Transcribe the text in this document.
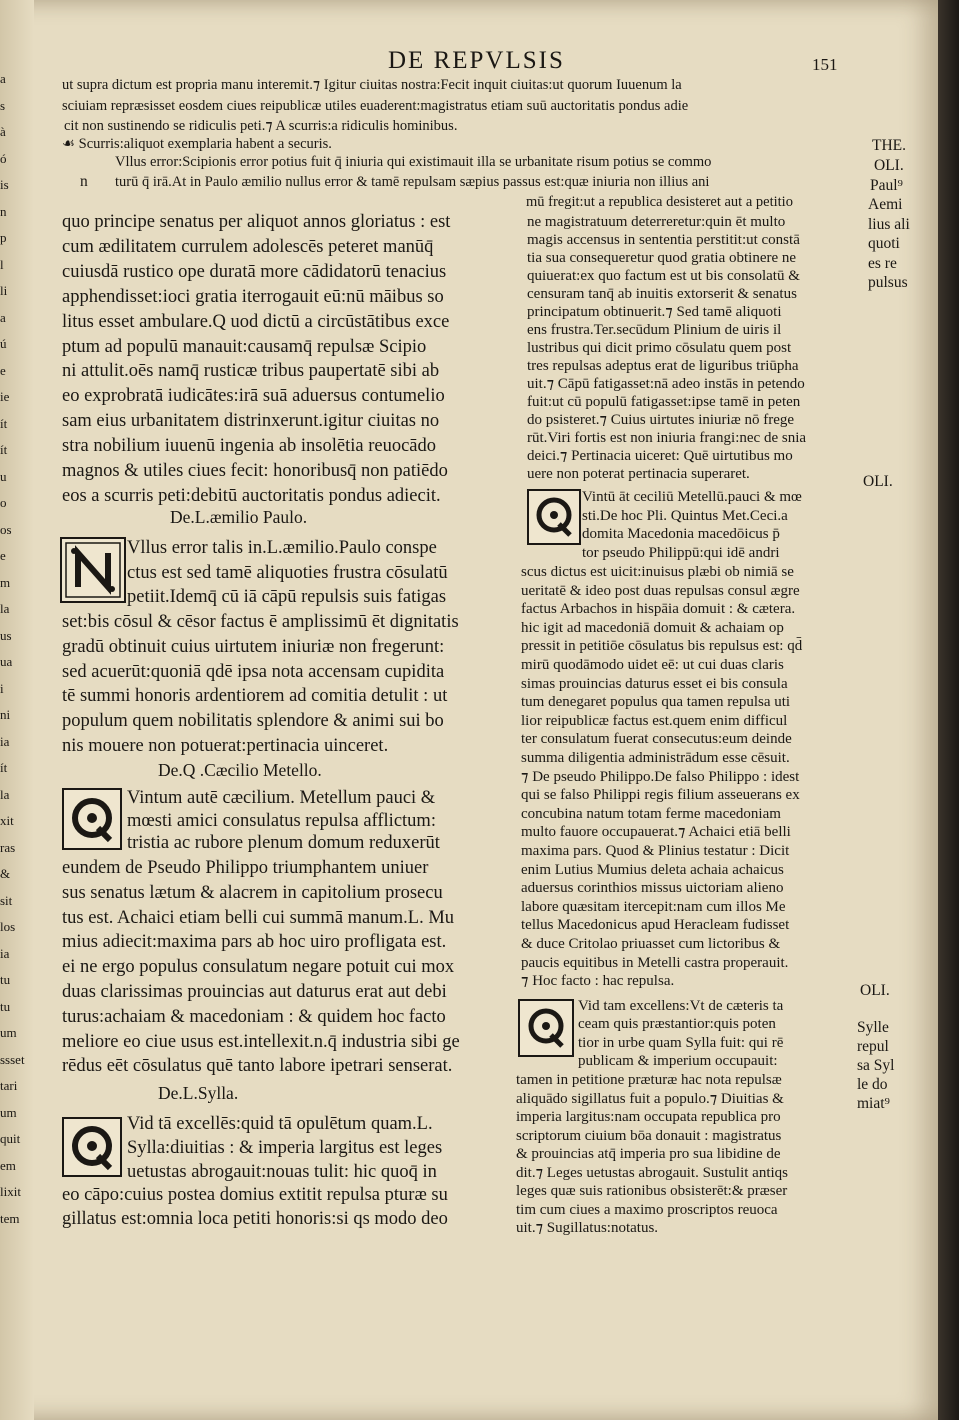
a
s
à
ó
is
n
p
l
li
a
ú
e
ie
ít
ít
u
o
os
e
m
la
us
ua
i
ni
ia
ít
la
xit
ras
&
sit
los
ia
tu
tu
um
ssset
tari
um
quit
em
lixit
tem
DE REPVLSIS	151
ut supra dictum est propria manu interemit.⁊ Igitur ciuitas nostra:Fecit inquit ciuitas:ut quorum Iuuenum la
sciuiam repræsisset eosdem ciues reipublicæ utiles euaderent:magistratus etiam suū auctoritatis pondus adie
cit non sustinendo se ridiculis peti.⁊ A scurris:a ridiculis hominibus.
☙ Scurris:aliquot exemplaria habent a securis.
Vllus error:Scipionis error potius fuit q̄ iniuria qui existimauit illa se urbanitate risum potius se commo
turū q̄ irā.At in Paulo æmilio nullus error & tamē repulsam sæpius passus est:quæ iniuria non illius ani
mū fregit:ut a republica desisteret aut a petitio
n
quo principe senatus per aliquot annos gloriatus : est
cum ædilitatem currulem adolescēs peteret manūq̄
cuiusdā rustico ope duratā more cādidatorū tenacius
apphendisset:ioci gratia iterrogauit eū:nū māibus so
litus esset ambulare.Q uod dictū a circūstātibus exce
ptum ad populū manauit:causamq̄ repulsæ Scipio
ni attulit.oēs namq̄ rusticæ tribus paupertatē sibi ab
eo exprobratā iudicātes:irā suā aduersus contumelio
sam eius urbanitatem distrinxerunt.igitur ciuitas no
stra nobilium iuuenū ingenia ab insolētia reuocādo
magnos & utiles ciues fecit: honoribusq̄ non patiēdo
eos a scurris peti:debitū auctoritatis pondus adiecit.
De.L.æmilio Paulo.
Vllus error talis in.L.æmilio.Paulo conspe
ctus est sed tamē aliquoties frustra cōsulatū
petiit.Idemq̄ cū iā cāpū repulsis suis fatigas
set:bis cōsul & cēsor factus ē amplissimū ēt dignitatis
gradū obtinuit cuius uirtutem iniuriæ non fregerunt:
sed acuerūt:quoniā qdē ipsa nota accensam cupidita
tē summi honoris ardentiorem ad comitia detulit : ut
populum quem nobilitatis splendore & animi sui bo
nis mouere non potuerat:pertinacia uinceret.
De.Q .Cæcilio Metello.
Vintum autē cæcilium. Metellum pauci &
mœsti amici consulatus repulsa afflictum:
tristia ac rubore plenum domum reduxerūt
eundem de Pseudo Philippo triumphantem uniuer
sus senatus lætum & alacrem in capitolium prosecu
tus est. Achaici etiam belli cui summā manum.L. Mu
mius adiecit:maxima pars ab hoc uiro profligata est.
ei ne ergo populus consulatum negare potuit cui mox
duas clarissimas prouincias aut daturus erat aut debi
turus:achaiam & macedoniam : & quidem hoc facto
meliore eo ciue usus est.intellexit.n.q̄ industria sibi ge
rēdus eēt cōsulatus quē tanto labore ipetrari senserat.
De.L.Sylla.
Vid tā excellēs:quid tā opulētum quam.L.
Sylla:diuitias : & imperia largitus est leges
uetustas abrogauit:nouas tulit: hic quoq̄ in
eo cāpo:cuius postea domius extitit repulsa pturæ su
gillatus est:omnia loca petiti honoris:si qs modo deo
ne magistratuum deterreretur:quin ēt multo
magis accensus in sententia perstitit:ut constā
tia sua consequeretur quod gratia obtinere ne
quiuerat:ex quo factum est ut bis consolatū &
censuram tanq̄ ab inuitis extorserit & senatus
principatum obtinuerit.⁊ Sed tamē aliquoti
ens frustra.Ter.secūdum Plinium de uiris il
lustribus qui dicit primo cōsulatu quem post
tres repulsas adeptus erat de liguribus triūpha
uit.⁊ Cāpū fatigasset:nā adeo instās in petendo
fuit:ut cū populū fatigasset:ipse tamē in peten
do psisteret.⁊ Cuius uirtutes iniuriæ nō frege
rūt.Viri fortis est non iniuria frangi:nec de snia
deici.⁊ Pertinacia uiceret: Quē uirtutibus mo
uere non poterat pertinacia superaret.
Vintū āt ceciliū Metellū.pauci & mœ
sti.De hoc Pli. Quintus Met.Ceci.a
domita Macedonia macedōicus p̄
tor pseudo Philippū:qui idē andri
scus dictus est uicit:inuisus plæbi ob nimiā se
ueritatē & ideo post duas repulsas consul ægre
factus Arbachos in hispāia domuit : & cætera.
hic igit ad macedoniā domuit & achaiam op
pressit in petitiōe cōsulatus bis repulsus est: qd̄
mirū quodāmodo uidet eē: ut cui duas claris
simas prouincias daturus esset ei bis consula
tum denegaret populus qua tamen repulsa uti
lior reipublicæ factus est.quem enim difficul
ter consulatum fuerat consecutus:eum deinde
summa diligentia administrādum esse cēsuit.
⁊ De pseudo Philippo.De falso Philippo : idest
qui se falso Philippi regis filium asseuerans ex
concubina natum totam ferme macedoniam
multo fauore occupauerat.⁊ Achaici etiā belli
maxima pars. Quod & Plinius testatur : Dicit
enim Lutius Mumius deleta achaia achaicus
aduersus corinthios missus uictoriam alieno
labore quæsitam itercepit:nam cum illos Me
tellus Macedonicus apud Heracleam fudisset
& duce Critolao priuasset cum lictoribus &
paucis equitibus in Metelli castra properauit.
⁊ Hoc facto : hac repulsa.
Vid tam excellens:Vt de cæteris ta
ceam quis præstantior:quis poten
tior in urbe quam Sylla fuit: qui rē
publicam & imperium occupauit:
tamen in petitione præturæ hac nota repulsæ
aliquādo sigillatus fuit a populo.⁊ Diuitias &
imperia largitus:nam occupata republica pro
scriptorum ciuium bōa donauit : magistratus
& prouincias atq̄ imperia pro sua libidine de
dit.⁊ Leges uetustas abrogauit. Sustulit antiqs
leges quæ suis rationibus obsisterēt:& præser
tim cum ciues a maximo proscriptos reuoca
uit.⁊ Sugillatus:notatus.
THE.
OLI.
Aemi
lius ali
quoti
es re
pulsus
Paul⁹
OLI.
OLI.
Sylle
repul
sa Syl
le do
miat⁹
